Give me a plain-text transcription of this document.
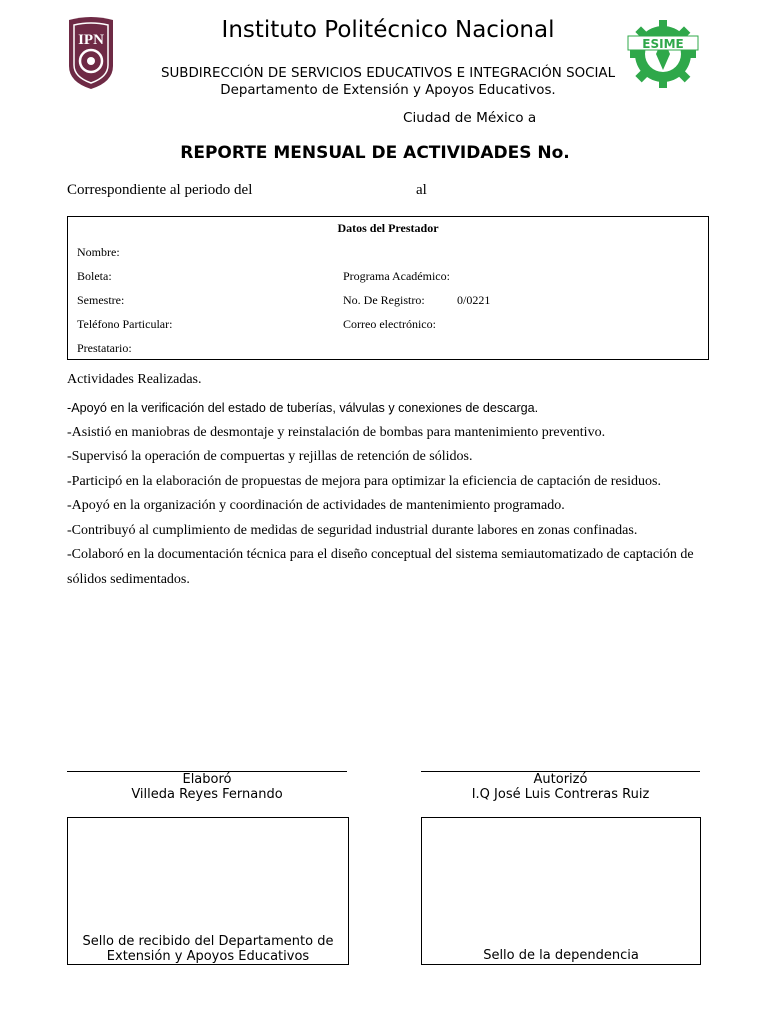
IPN	ESIME
Instituto Politécnico Nacional
SUBDIRECCIÓN DE SERVICIOS EDUCATIVOS E INTEGRACIÓN SOCIAL
Departamento de Extensión y Apoyos Educativos.
Ciudad de México a
REPORTE MENSUAL DE ACTIVIDADES No.
Correspondiente al periodo del	al
Datos del Prestador
Nombre:
Boleta:	Programa Académico:
Semestre:	No. De Registro:	0/0221
Teléfono Particular:	Correo electrónico:
Prestatario:
Actividades Realizadas.
-Apoyó en la verificación del estado de tuberías, válvulas y conexiones de descarga.
-Asistió en maniobras de desmontaje y reinstalación de bombas para mantenimiento preventivo.
-Supervisó la operación de compuertas y rejillas de retención de sólidos.
-Participó en la elaboración de propuestas de mejora para optimizar la eficiencia de captación de residuos.
-Apoyó en la organización y coordinación de actividades de mantenimiento programado.
-Contribuyó al cumplimiento de medidas de seguridad industrial durante labores en zonas confinadas.
-Colaboró en la documentación técnica para el diseño conceptual del sistema semiautomatizado de captación de sólidos sedimentados.
Elaboró
Villeda Reyes Fernando
Autorizó
I.Q José Luis Contreras Ruiz
Sello de recibido del Departamento de Extensión y Apoyos Educativos	Sello de la dependencia
